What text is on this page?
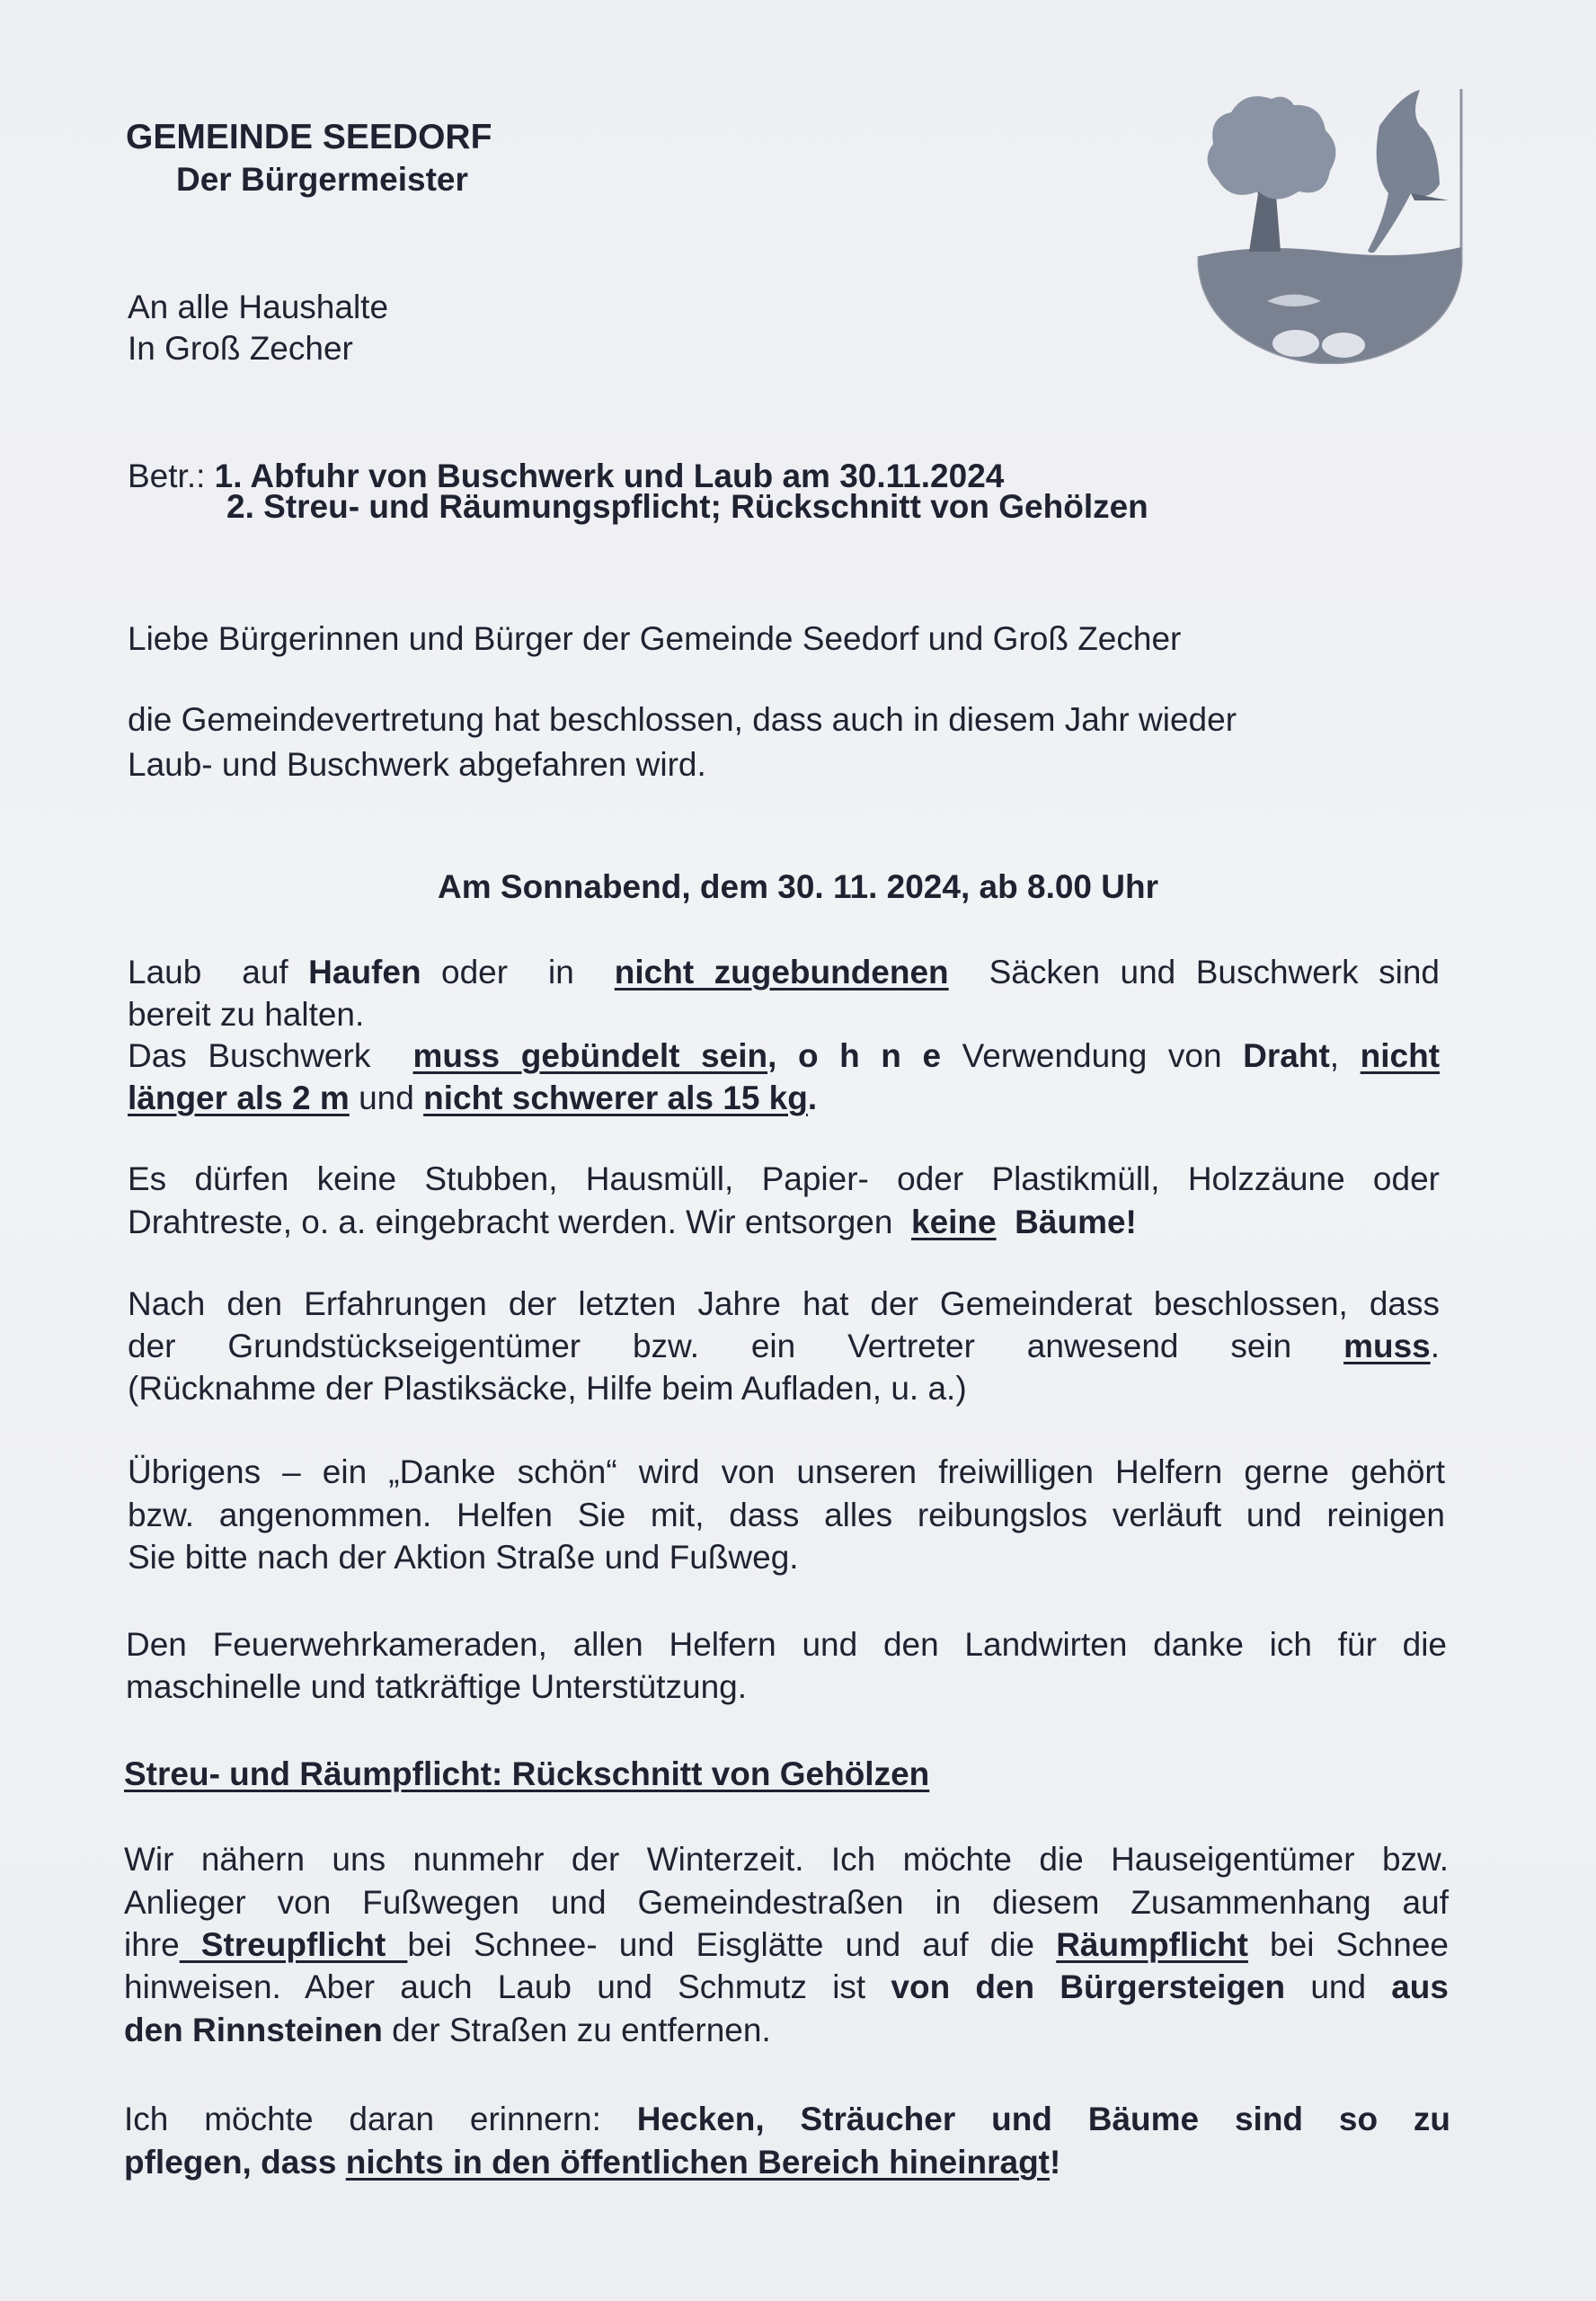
GEMEINDE SEEDORF
Der Bürgermeister
An alle Haushalte
In Groß Zecher
Betr.: 1. Abfuhr von Buschwerk und Laub am 30.11.2024
2. Streu- und Räumungspflicht; Rückschnitt von Gehölzen
Liebe Bürgerinnen und Bürger der Gemeinde Seedorf und Groß Zecher
die Gemeindevertretung hat beschlossen, dass auch in diesem Jahr wieder
Laub- und Buschwerk abgefahren wird.
Am Sonnabend, dem 30. 11. 2024, ab 8.00 Uhr
Laub  auf Haufen oder  in  nicht zugebundenen  Säcken und Buschwerk sind
bereit zu halten.
Das Buschwerk  muss gebündelt sein, o h n e Verwendung von Draht, nicht
länger als 2 m und nicht schwerer als 15 kg.
Es dürfen keine Stubben, Hausmüll, Papier- oder Plastikmüll, Holzzäune oder
Drahtreste, o. a. eingebracht werden. Wir entsorgen  keine  Bäume!
Nach den Erfahrungen der letzten Jahre hat der Gemeinderat beschlossen, dass
der Grundstückseigentümer bzw. ein Vertreter anwesend sein muss.
(Rücknahme der Plastiksäcke, Hilfe beim Aufladen, u. a.)
Übrigens – ein „Danke schön“ wird von unseren freiwilligen Helfern gerne gehört
bzw. angenommen. Helfen Sie mit, dass alles reibungslos verläuft und reinigen
Sie bitte nach der Aktion Straße und Fußweg.
Den Feuerwehrkameraden, allen Helfern und den Landwirten danke ich für die
maschinelle und tatkräftige Unterstützung.
Streu- und Räumpflicht: Rückschnitt von Gehölzen
Wir nähern uns nunmehr der Winterzeit. Ich möchte die Hauseigentümer bzw.
Anlieger von Fußwegen und Gemeindestraßen in diesem Zusammenhang auf
ihre Streupflicht bei Schnee- und Eisglätte und auf die Räumpflicht bei Schnee
hinweisen. Aber auch Laub und Schmutz ist von den Bürgersteigen und aus
den Rinnsteinen der Straßen zu entfernen.
Ich möchte daran erinnern: Hecken, Sträucher und Bäume sind so zu
pflegen, dass nichts in den öffentlichen Bereich hineinragt!
